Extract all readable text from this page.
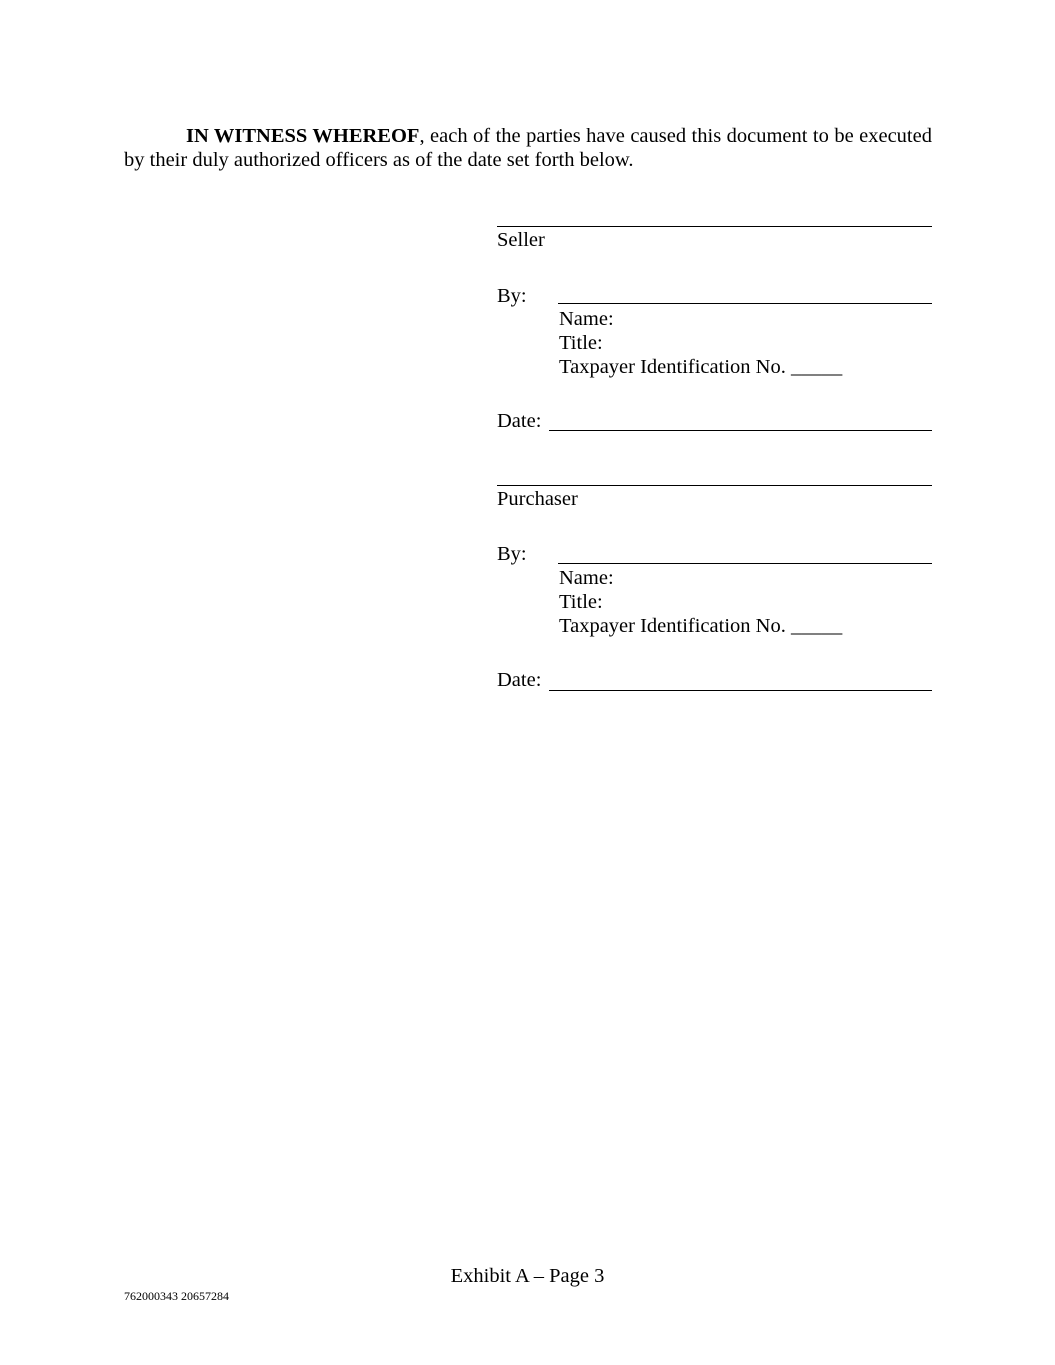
IN WITNESS WHEREOF, each of the parties have caused this document to be executed by their duly authorized officers as of the date set forth below.
Seller
By:
Name:
Title:
Taxpayer Identification No. _____
Date:
Purchaser
By:
Name:
Title:
Taxpayer Identification No. _____
Date:
Exhibit A – Page 3
762000343 20657284
